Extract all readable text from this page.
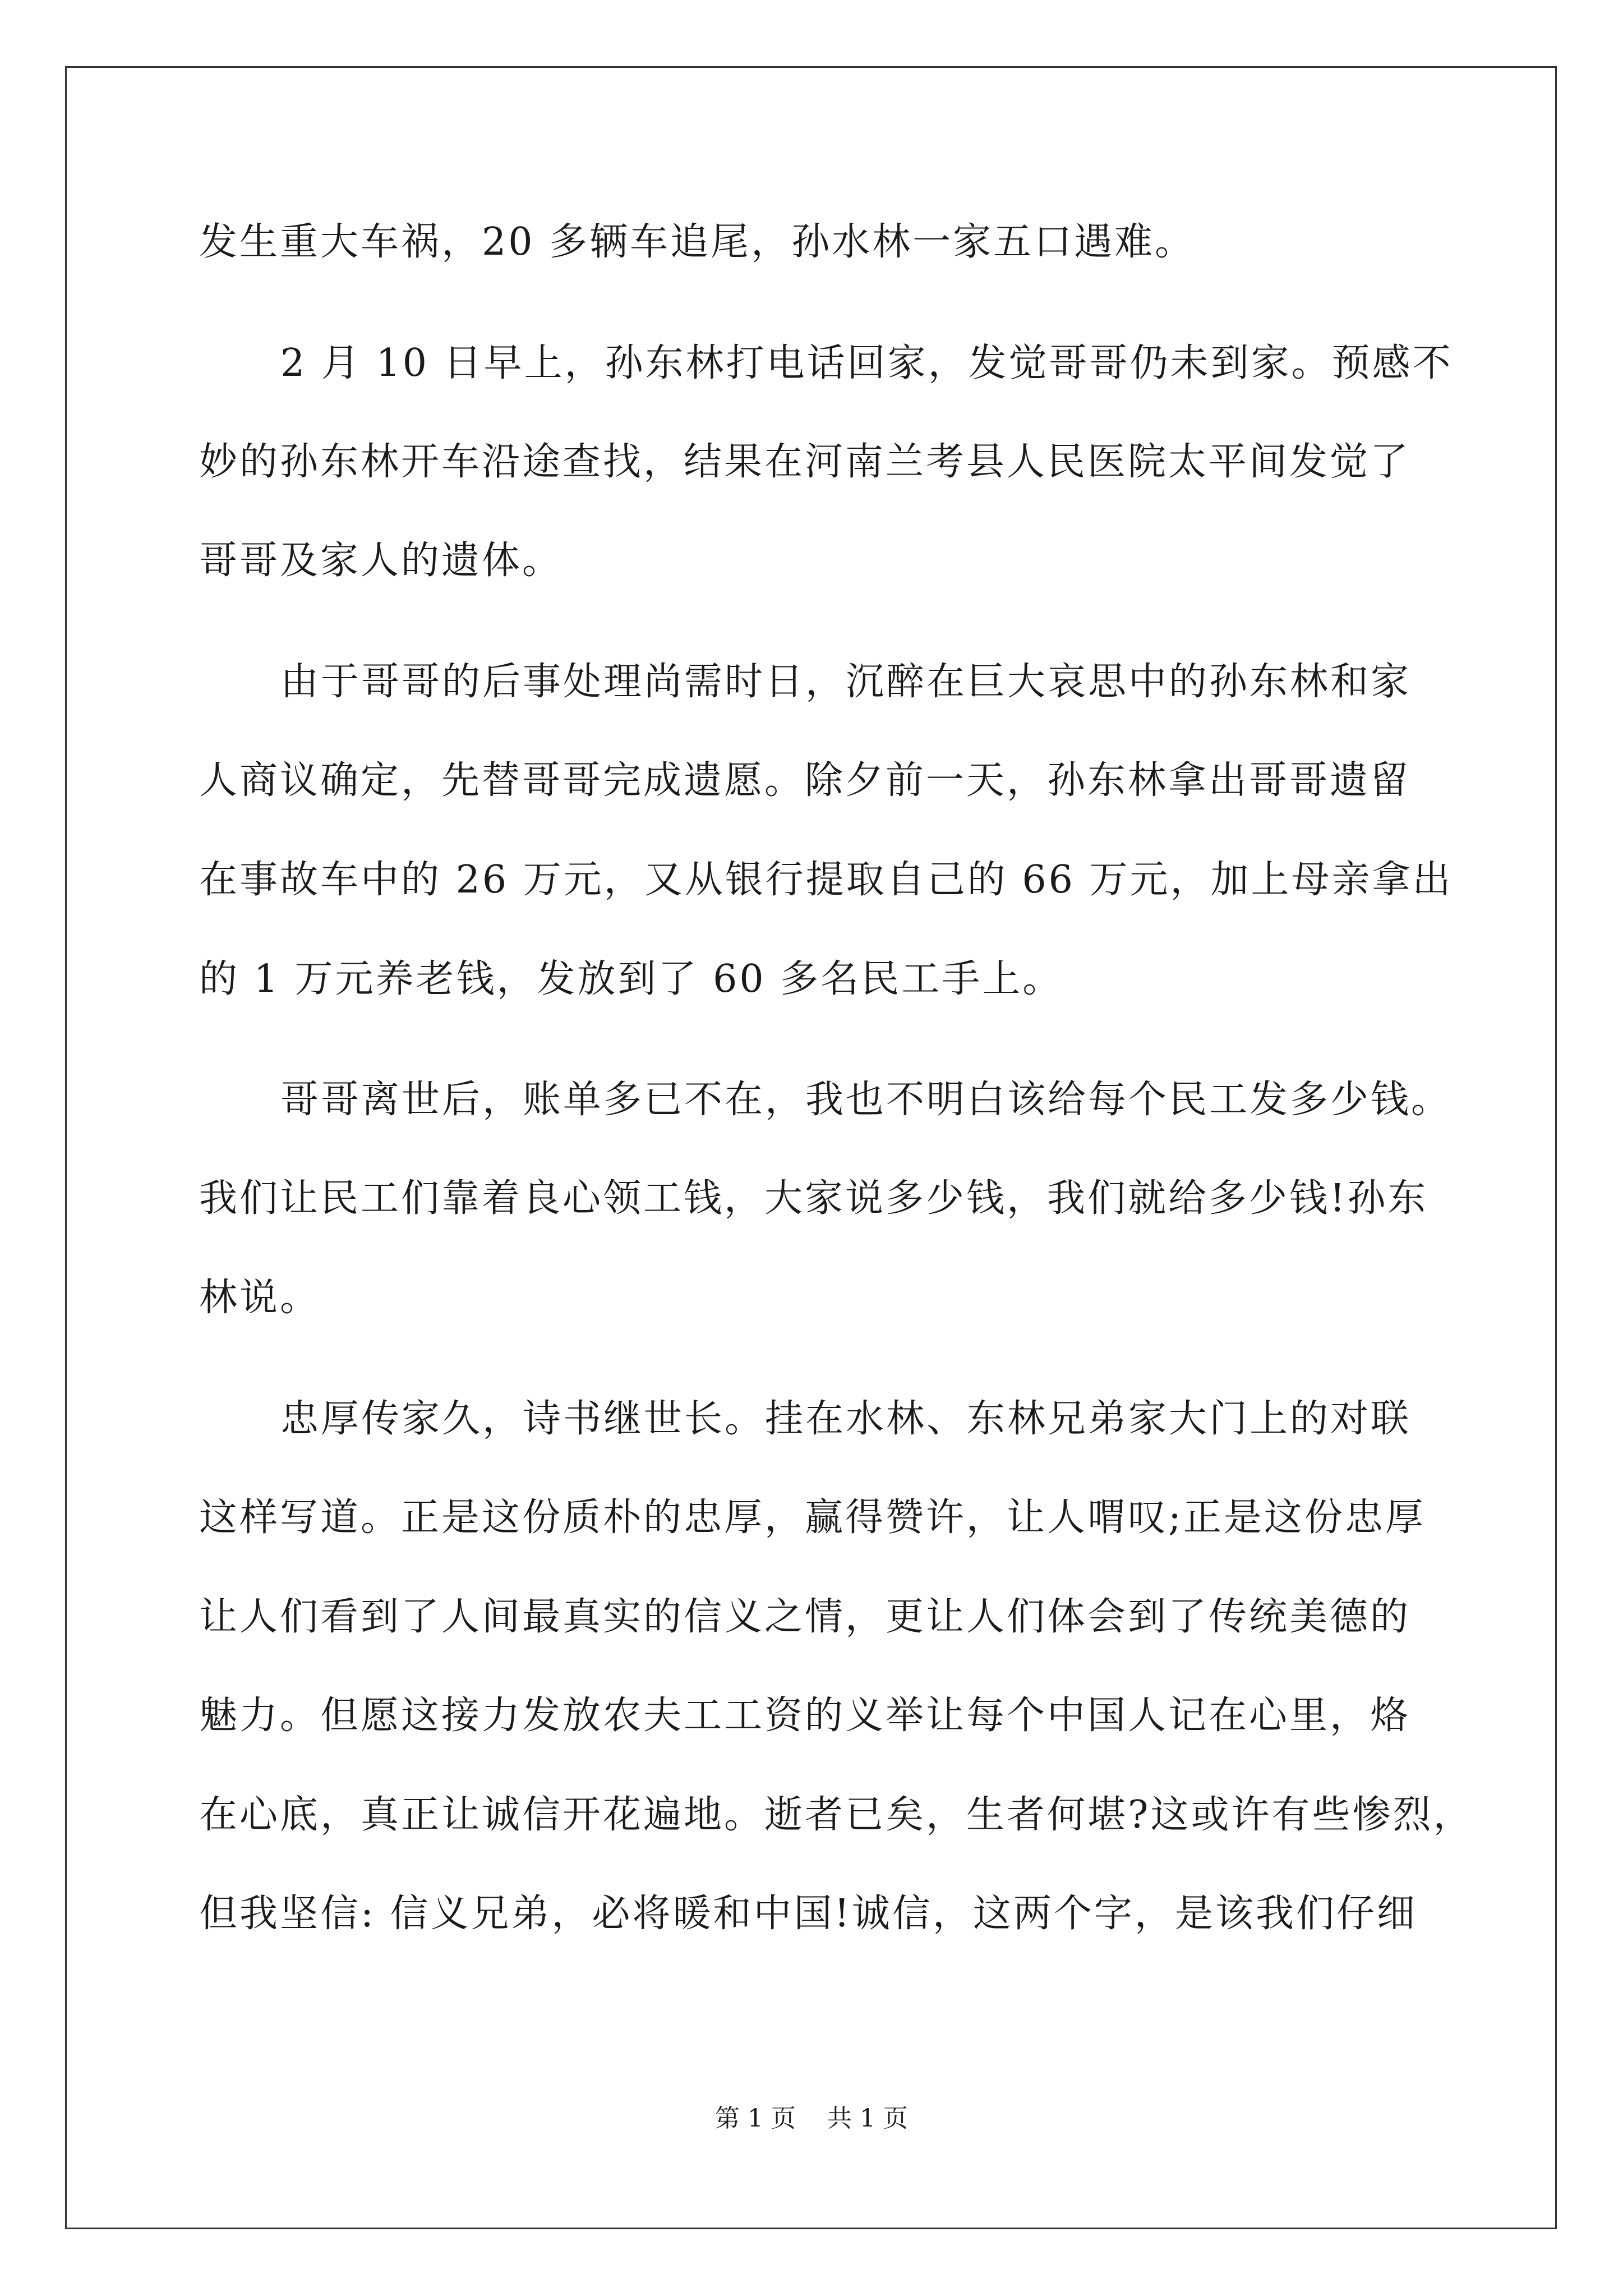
发生重大车祸，20 多辆车追尾，孙水林一家五口遇难。
2 月 10 日早上，孙东林打电话回家，发觉哥哥仍未到家。预感不
妙的孙东林开车沿途查找，结果在河南兰考县人民医院太平间发觉了
哥哥及家人的遗体。
由于哥哥的后事处理尚需时日，沉醉在巨大哀思中的孙东林和家
人商议确定，先替哥哥完成遗愿。除夕前一天，孙东林拿出哥哥遗留
在事故车中的 26 万元，又从银行提取自己的 66 万元，加上母亲拿出
的 1 万元养老钱，发放到了 60 多名民工手上。
哥哥离世后，账单多已不在，我也不明白该给每个民工发多少钱。
我们让民工们靠着良心领工钱，大家说多少钱，我们就给多少钱!孙东
林说。
忠厚传家久，诗书继世长。挂在水林、东林兄弟家大门上的对联
这样写道。正是这份质朴的忠厚，赢得赞许，让人喟叹;正是这份忠厚
让人们看到了人间最真实的信义之情，更让人们体会到了传统美德的
魅力。但愿这接力发放农夫工工资的义举让每个中国人记在心里，烙
在心底，真正让诚信开花遍地。逝者已矣，生者何堪?这或许有些惨烈，
但我坚信: 信义兄弟，必将暖和中国!诚信，这两个字，是该我们仔细
第 1 页    共 1 页
